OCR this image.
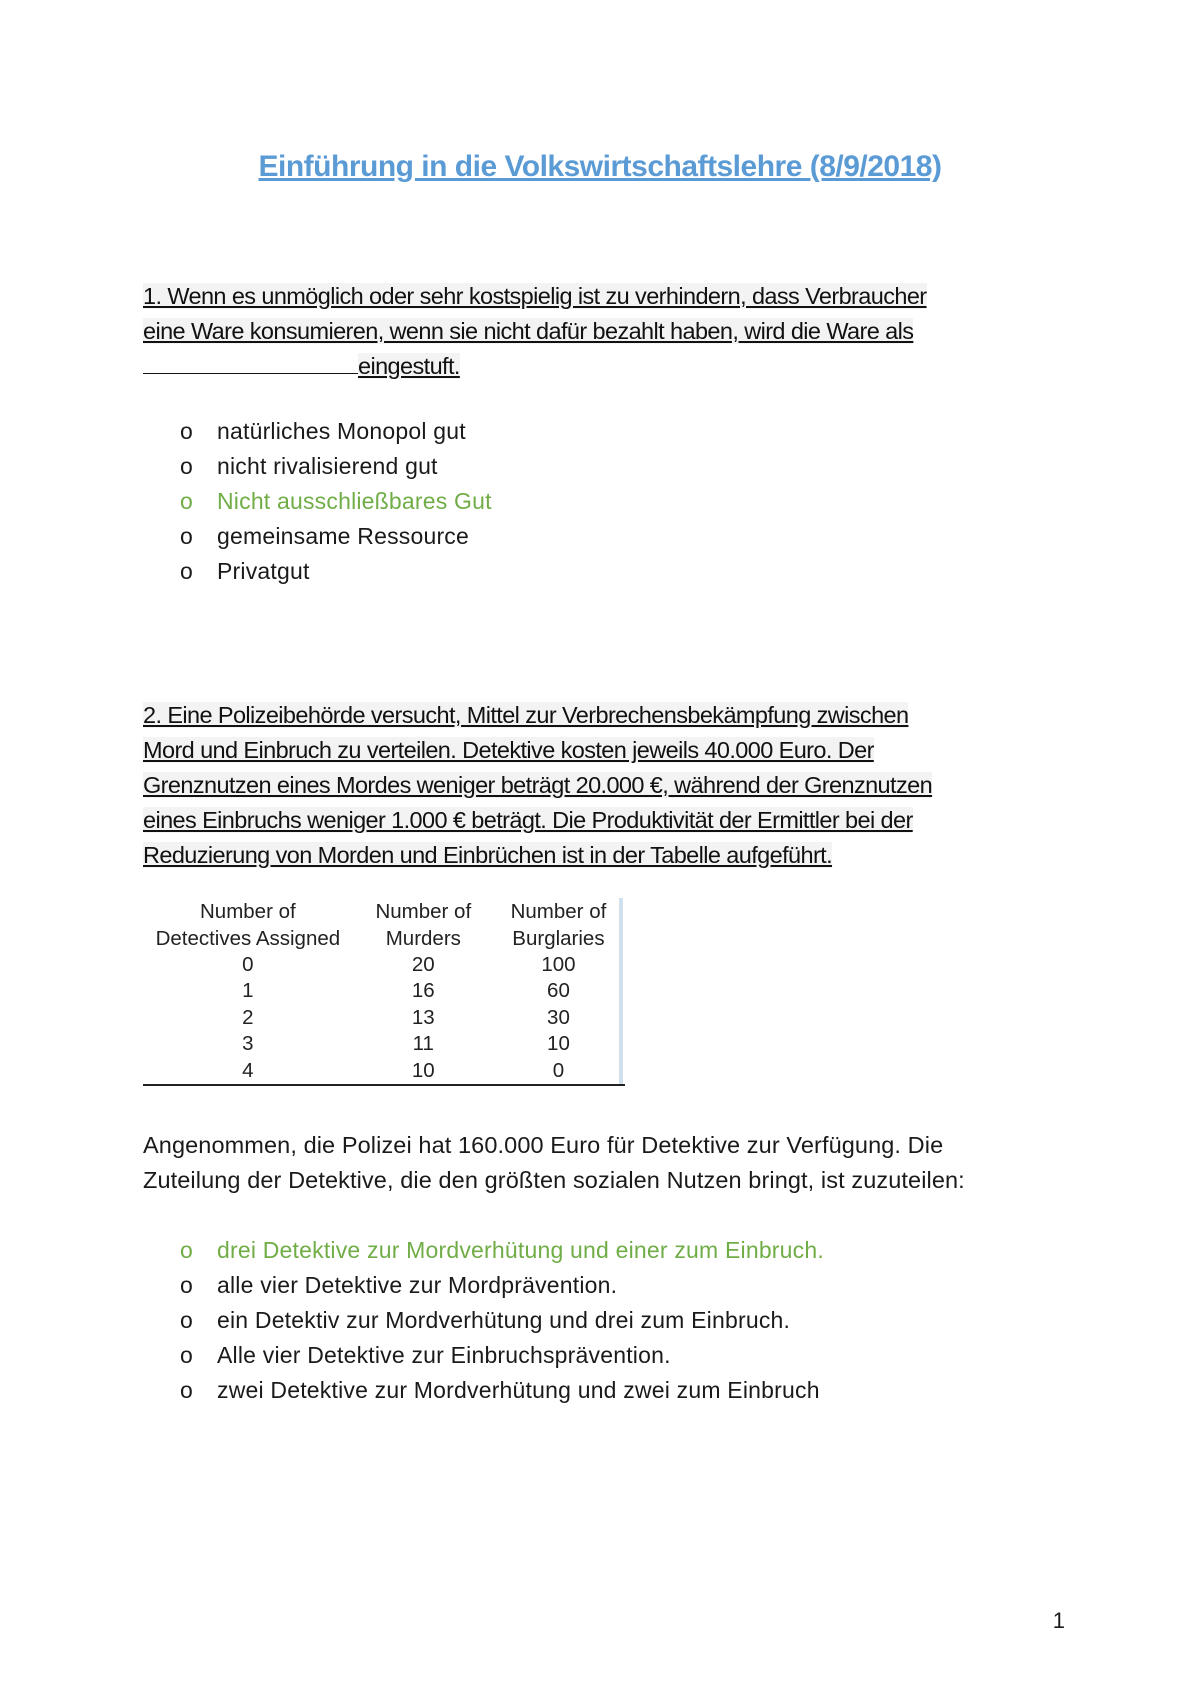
Einführung in die Volkswirtschaftslehre (8/9/2018)
1. Wenn es unmöglich oder sehr kostspielig ist zu verhindern, dass Verbraucher
eine Ware konsumieren, wenn sie nicht dafür bezahlt haben, wird die Ware als
eingestuft.
o natürliches Monopol gut
o nicht rivalisierend gut
o Nicht ausschließbares Gut
o gemeinsame Ressource
o Privatgut
2. Eine Polizeibehörde versucht, Mittel zur Verbrechensbekämpfung zwischen
Mord und Einbruch zu verteilen. Detektive kosten jeweils 40.000 Euro. Der
Grenznutzen eines Mordes weniger beträgt 20.000 €, während der Grenznutzen
eines Einbruchs weniger 1.000 € beträgt. Die Produktivität der Ermittler bei der
Reduzierung von Morden und Einbrüchen ist in der Tabelle aufgeführt.
Number of	Number of	Number of
Detectives Assigned	Murders	Burglaries
0	20	100
1	16	60
2	13	30
3	11	10
4	10	0
Angenommen, die Polizei hat 160.000 Euro für Detektive zur Verfügung. Die
Zuteilung der Detektive, die den größten sozialen Nutzen bringt, ist zuzuteilen:
o drei Detektive zur Mordverhütung und einer zum Einbruch.
o alle vier Detektive zur Mordprävention.
o ein Detektiv zur Mordverhütung und drei zum Einbruch.
o Alle vier Detektive zur Einbruchsprävention.
o zwei Detektive zur Mordverhütung und zwei zum Einbruch
1
